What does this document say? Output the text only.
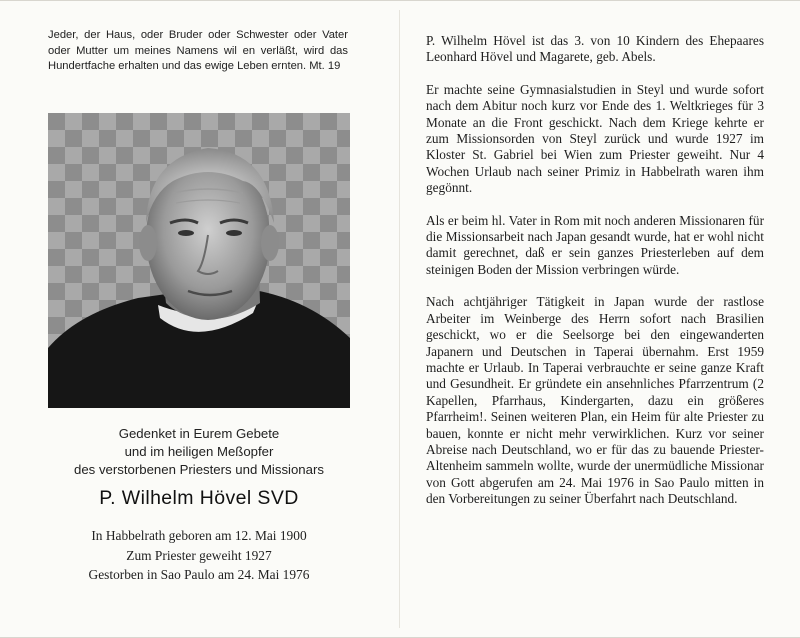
Jeder, der Haus, oder Bruder oder Schwester oder Vater oder Mutter um meines Namens wil en verläßt, wird das Hundertfache erhalten und das ewige Leben ernten. Mt. 19

Gedenket in Eurem Gebete

und im heiligen Meßopfer

des verstorbenen Priesters und Missionars

P. Wilhelm Hövel SVD

In Habbelrath geboren am 12. Mai 1900

Zum Priester geweiht 1927

Gestorben in Sao Paulo am 24. Mai 1976

P. Wilhelm Hövel ist das 3. von 10 Kindern des Ehepaares Leonhard Hövel und Magarete, geb. Abels.

Er machte seine Gymnasialstudien in Steyl und wurde sofort nach dem Abitur noch kurz vor Ende des 1. Weltkrieges für 3 Monate an die Front geschickt. Nach dem Kriege kehrte er zum Missionsorden von Steyl zurück und wurde 1927 im Kloster St. Gabriel bei Wien zum Priester geweiht. Nur 4 Wochen Urlaub nach seiner Primiz in Habbelrath waren ihm gegönnt.

Als er beim hl. Vater in Rom mit noch anderen Missionaren für die Missionsarbeit nach Japan gesandt wurde, hat er wohl nicht damit gerechnet, daß er sein ganzes Priesterleben auf dem steinigen Boden der Mission verbringen würde.

Nach achtjähriger Tätigkeit in Japan wurde der rastlose Arbeiter im Weinberge des Herrn sofort nach Brasilien geschickt, wo er die Seelsorge bei den eingewanderten Japanern und Deutschen in Taperai übernahm. Erst 1959 machte er Urlaub. In Taperai verbrauchte er seine ganze Kraft und Gesundheit. Er gründete ein ansehnliches Pfarrzentrum (2 Kapellen, Pfarrhaus, Kindergarten, dazu ein größeres Pfarrheim!. Seinen weiteren Plan, ein Heim für alte Priester zu bauen, konnte er nicht mehr verwirklichen. Kurz vor seiner Abreise nach Deutschland, wo er für das zu bauende Priester-Altenheim sammeln wollte, wurde der unermüdliche Missionar von Gott abgerufen am 24. Mai 1976 in Sao Paulo mitten in den Vorbereitungen zu seiner Überfahrt nach Deutschland.
